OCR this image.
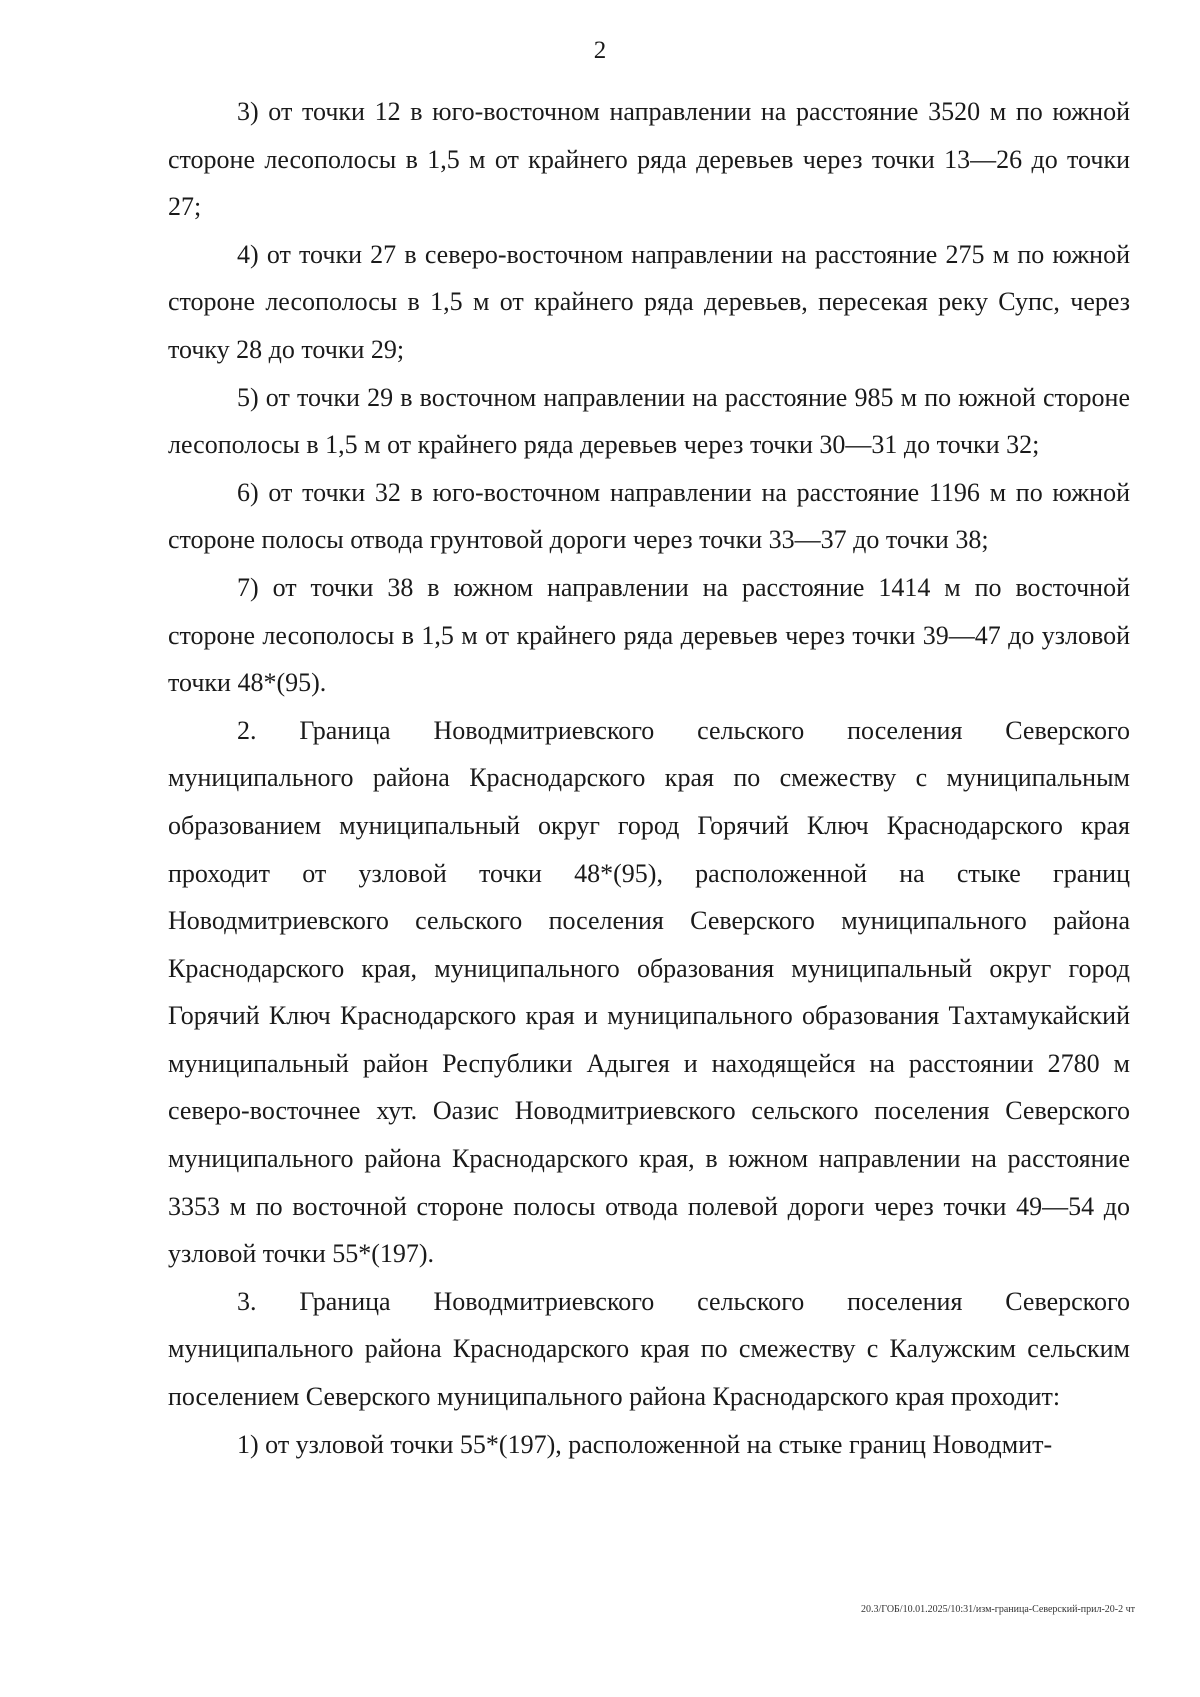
2

3) от точки 12 в юго-восточном направлении на расстояние 3520 м по южной стороне лесополосы в 1,5 м от крайнего ряда деревьев через точки 13—26 до точки 27;

4) от точки 27 в северо-восточном направлении на расстояние 275 м по южной стороне лесополосы в 1,5 м от крайнего ряда деревьев, пересекая реку Супс, через точку 28 до точки 29;

5) от точки 29 в восточном направлении на расстояние 985 м по южной стороне лесополосы в 1,5 м от крайнего ряда деревьев через точки 30—31 до точки 32;

6) от точки 32 в юго-восточном направлении на расстояние 1196 м по южной стороне полосы отвода грунтовой дороги через точки 33—37 до точки 38;

7) от точки 38 в южном направлении на расстояние 1414 м по восточной стороне лесополосы в 1,5 м от крайнего ряда деревьев через точки 39—47 до узловой точки 48*(95).

2. Граница Новодмитриевского сельского поселения Северского муниципального района Краснодарского края по смежеству с муниципальным образованием муниципальный округ город Горячий Ключ Краснодарского края проходит от узловой точки 48*(95), расположенной на стыке границ Новодмитриевского сельского поселения Северского муниципального района Краснодарского края, муниципального образования муниципальный округ город Горячий Ключ Краснодарского края и муниципального образования Тахтамукайский муниципальный район Республики Адыгея и находящейся на расстоянии 2780 м северо-восточнее хут. Оазис Новодмитриевского сельского поселения Северского муниципального района Краснодарского края, в южном направлении на расстояние 3353 м по восточной стороне полосы отвода полевой дороги через точки 49—54 до узловой точки 55*(197).

3. Граница Новодмитриевского сельского поселения Северского муниципального района Краснодарского края по смежеству с Калужским сельским поселением Северского муниципального района Краснодарского края проходит:

1) от узловой точки 55*(197), расположенной на стыке границ Новодмит-

20.3/ГОБ/10.01.2025/10:31/изм-граница-Северский-прил-20-2 чт
